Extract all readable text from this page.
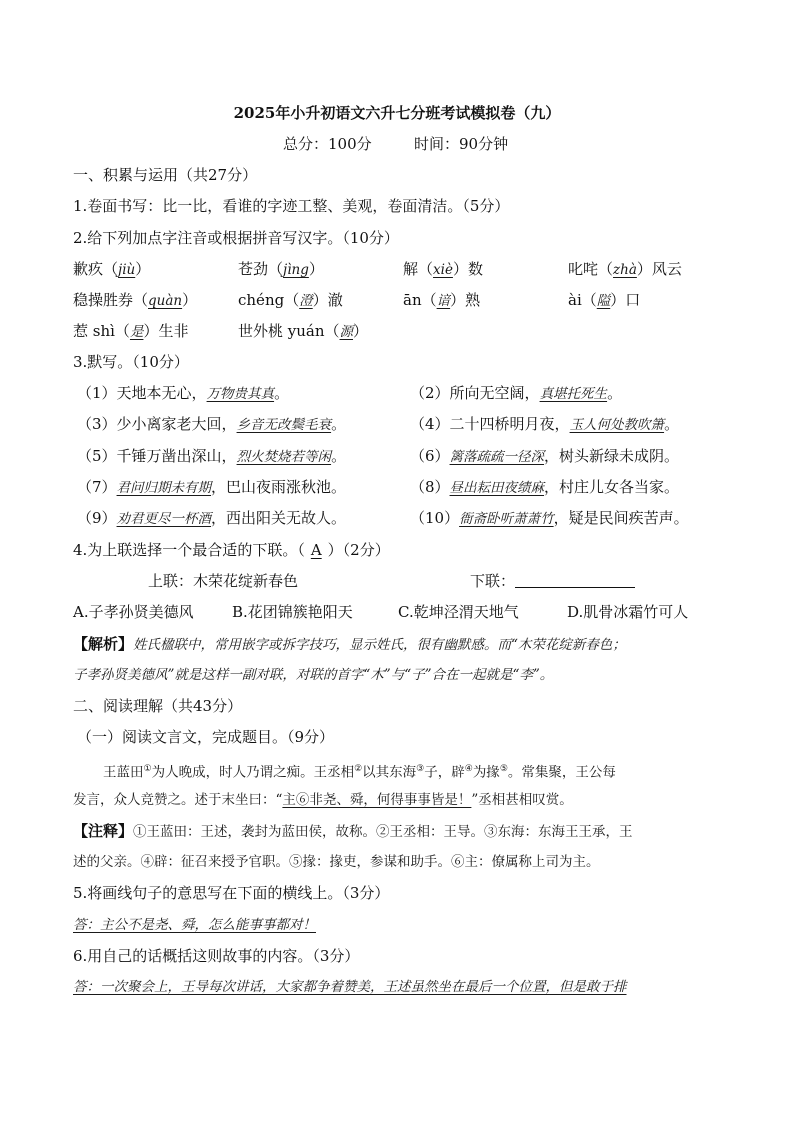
2025年小升初语文六升七分班考试模拟卷（九）
总分：100分	时间：90分钟
一、积累与运用（共27分）
1.卷面书写：比一比，看谁的字迹工整、美观，卷面清洁。（5分）
2.给下列加点字注音或根据拼音写汉字。（10分）
歉疚（jiù）	苍劲（jìng）	解（xiè）数	叱咤（zhà）风云
稳操胜券（quàn）	chéng（澄）澈	ān（谙）熟	ài（隘）口
惹 shì（是）生非	世外桃 yuán（源）
3.默写。（10分）
（1）天地本无心，万物贵其真。	（2）所向无空阔，真堪托死生。
（3）少小离家老大回，乡音无改鬓毛衰。	（4）二十四桥明月夜，玉人何处教吹箫。
（5）千锤万凿出深山，烈火焚烧若等闲。	（6）篱落疏疏一径深，树头新绿未成阴。
（7）君问归期未有期，巴山夜雨涨秋池。	（8）昼出耘田夜绩麻，村庄儿女各当家。
（9）劝君更尽一杯酒，西出阳关无故人。	（10）衙斋卧听萧萧竹，疑是民间疾苦声。
4.为上联选择一个最合适的下联。（ A ）（2分）
上联：木荣花绽新春色	下联：
A.子孝孙贤美德风	B.花团锦簇艳阳天	C.乾坤泾渭天地气	D.肌骨冰霜竹可人
【解析】姓氏楹联中，常用嵌字或拆字技巧，显示姓氏，很有幽默感。而“木荣花绽新春色；
子孝孙贤美德风”就是这样一副对联，对联的首字“木”与“子”合在一起就是“李”。
二、阅读理解（共43分）
（一）阅读文言文，完成题目。（9分）
王蓝田①为人晚成，时人乃谓之痴。王丞相②以其东海③子，辟④为掾⑤。常集聚，王公每
发言，众人竞赞之。述于末坐曰：“主⑥非尧、舜，何得事事皆是！”丞相甚相叹赏。
【注释】①王蓝田：王述，袭封为蓝田侯，故称。②王丞相：王导。③东海：东海王王承，王
述的父亲。④辟：征召来授予官职。⑤掾：掾吏，参谋和助手。⑥主：僚属称上司为主。
5.将画线句子的意思写在下面的横线上。（3分）
答：主公不是尧、舜，怎么能事事都对！
6.用自己的话概括这则故事的内容。（3分）
答：一次聚会上，王导每次讲话，大家都争着赞美，王述虽然坐在最后一个位置，但是敢于排
